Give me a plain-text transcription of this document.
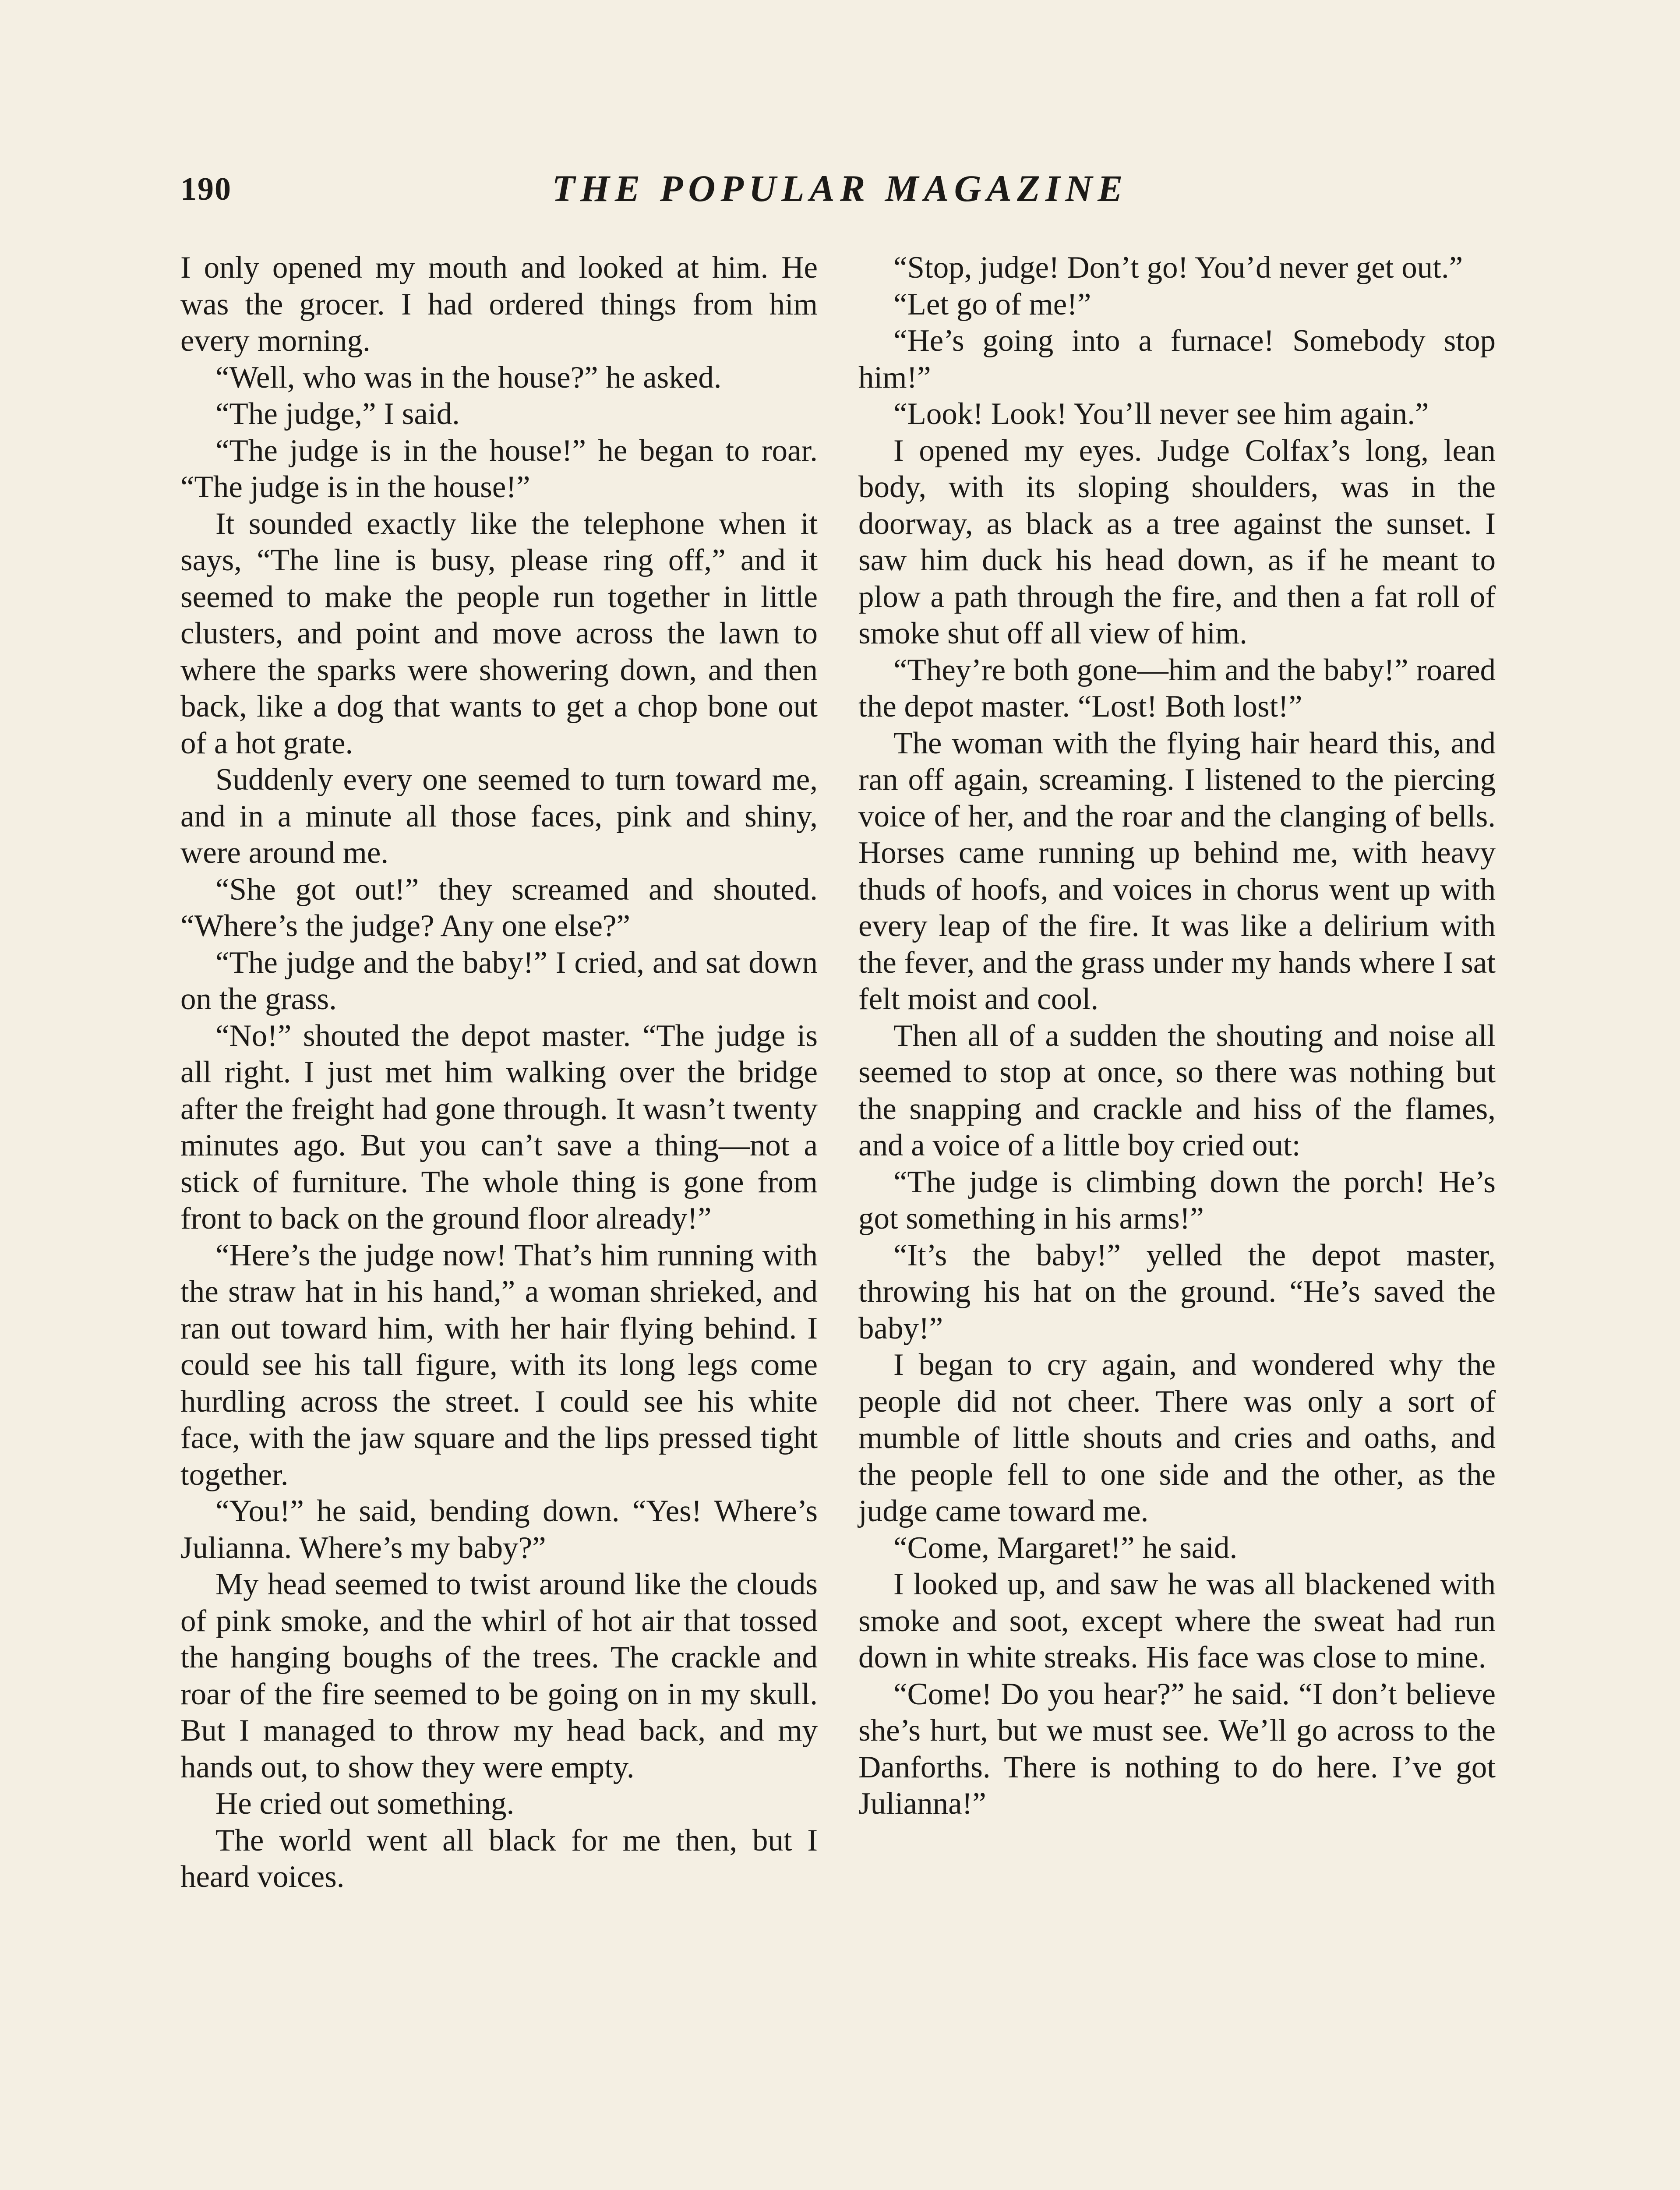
190	THE POPULAR MAGAZINE

I only opened my mouth and looked at him. He was the grocer. I had ordered things from him every morning.

“Well, who was in the house?” he asked.

“The judge,” I said.

“The judge is in the house!” he began to roar. “The judge is in the house!”

It sounded exactly like the telephone when it says, “The line is busy, please ring off,” and it seemed to make the people run together in little clusters, and point and move across the lawn to where the sparks were showering down, and then back, like a dog that wants to get a chop bone out of a hot grate.

Suddenly every one seemed to turn toward me, and in a minute all those faces, pink and shiny, were around me.

“She got out!” they screamed and shouted. “Where’s the judge? Any one else?”

“The judge and the baby!” I cried, and sat down on the grass.

“No!” shouted the depot master. “The judge is all right. I just met him walking over the bridge after the freight had gone through. It wasn’t twenty minutes ago. But you can’t save a thing—not a stick of furniture. The whole thing is gone from front to back on the ground floor already!”

“Here’s the judge now! That’s him running with the straw hat in his hand,” a woman shrieked, and ran out toward him, with her hair flying behind. I could see his tall figure, with its long legs come hurdling across the street. I could see his white face, with the jaw square and the lips pressed tight together.

“You!” he said, bending down. “Yes! Where’s Julianna. Where’s my baby?”

My head seemed to twist around like the clouds of pink smoke, and the whirl of hot air that tossed the hanging boughs of the trees. The crackle and roar of the fire seemed to be going on in my skull. But I managed to throw my head back, and my hands out, to show they were empty.

He cried out something.

The world went all black for me then, but I heard voices.

“Stop, judge! Don’t go! You’d never get out.”

“Let go of me!”

“He’s going into a furnace! Somebody stop him!”

“Look! Look! You’ll never see him again.”

I opened my eyes. Judge Colfax’s long, lean body, with its sloping shoulders, was in the doorway, as black as a tree against the sunset. I saw him duck his head down, as if he meant to plow a path through the fire, and then a fat roll of smoke shut off all view of him.

“They’re both gone—him and the baby!” roared the depot master. “Lost! Both lost!”

The woman with the flying hair heard this, and ran off again, screaming. I listened to the piercing voice of her, and the roar and the clanging of bells. Horses came running up behind me, with heavy thuds of hoofs, and voices in chorus went up with every leap of the fire. It was like a delirium with the fever, and the grass under my hands where I sat felt moist and cool.

Then all of a sudden the shouting and noise all seemed to stop at once, so there was nothing but the snapping and crackle and hiss of the flames, and a voice of a little boy cried out:

“The judge is climbing down the porch! He’s got something in his arms!”

“It’s the baby!” yelled the depot master, throwing his hat on the ground. “He’s saved the baby!”

I began to cry again, and wondered why the people did not cheer. There was only a sort of mumble of little shouts and cries and oaths, and the people fell to one side and the other, as the judge came toward me.

“Come, Margaret!” he said.

I looked up, and saw he was all blackened with smoke and soot, except where the sweat had run down in white streaks. His face was close to mine.

“Come! Do you hear?” he said. “I don’t believe she’s hurt, but we must see. We’ll go across to the Danforths. There is nothing to do here. I’ve got Julianna!”
